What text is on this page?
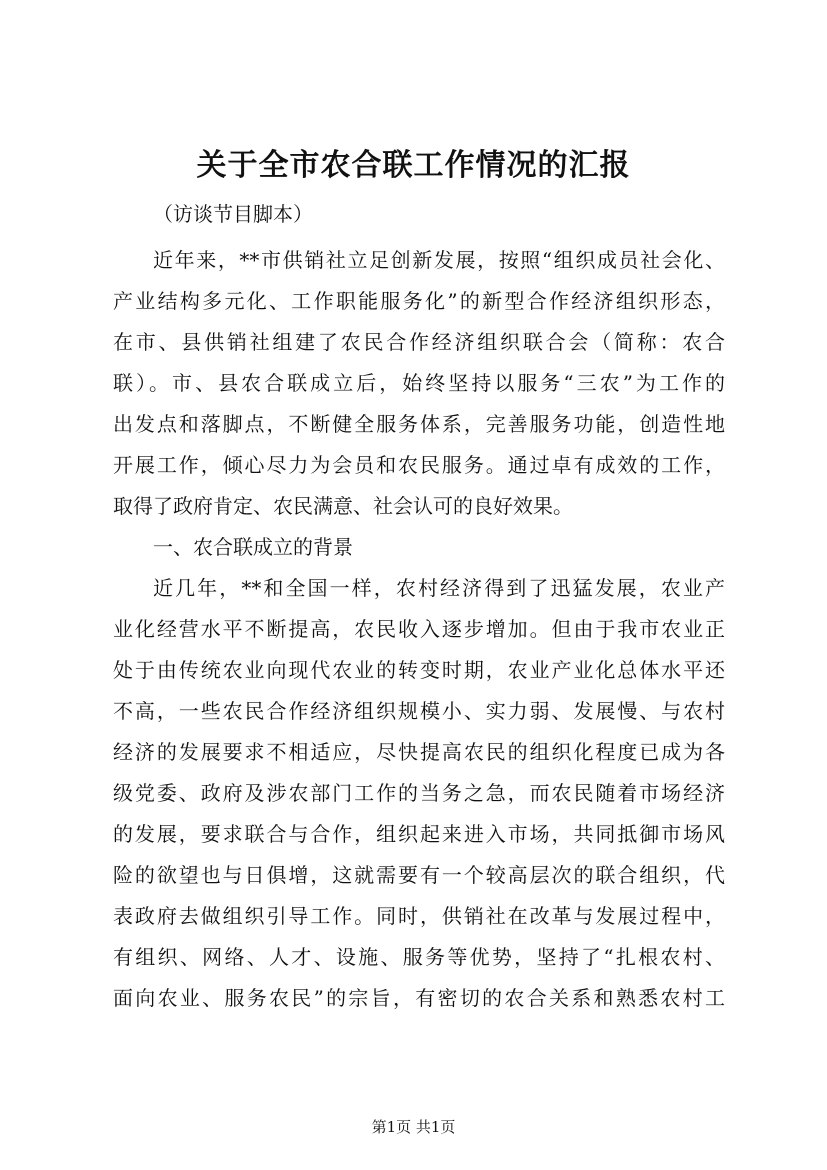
关于全市农合联工作情况的汇报
（访谈节目脚本）
近年来，**市供销社立足创新发展，按照“组织成员社会化、
产业结构多元化、工作职能服务化”的新型合作经济组织形态，
在市、县供销社组建了农民合作经济组织联合会（简称：农合
联）。市、县农合联成立后，始终坚持以服务“三农”为工作的
出发点和落脚点，不断健全服务体系，完善服务功能，创造性地
开展工作，倾心尽力为会员和农民服务。通过卓有成效的工作，
取得了政府肯定、农民满意、社会认可的良好效果。
一、农合联成立的背景
近几年，**和全国一样，农村经济得到了迅猛发展，农业产
业化经营水平不断提高，农民收入逐步增加。但由于我市农业正
处于由传统农业向现代农业的转变时期，农业产业化总体水平还
不高，一些农民合作经济组织规模小、实力弱、发展慢、与农村
经济的发展要求不相适应，尽快提高农民的组织化程度已成为各
级党委、政府及涉农部门工作的当务之急，而农民随着市场经济
的发展，要求联合与合作，组织起来进入市场，共同抵御市场风
险的欲望也与日俱增，这就需要有一个较高层次的联合组织，代
表政府去做组织引导工作。同时，供销社在改革与发展过程中，
有组织、网络、人才、设施、服务等优势，坚持了“扎根农村、
面向农业、服务农民”的宗旨，有密切的农合关系和熟悉农村工
第1页 共1页
